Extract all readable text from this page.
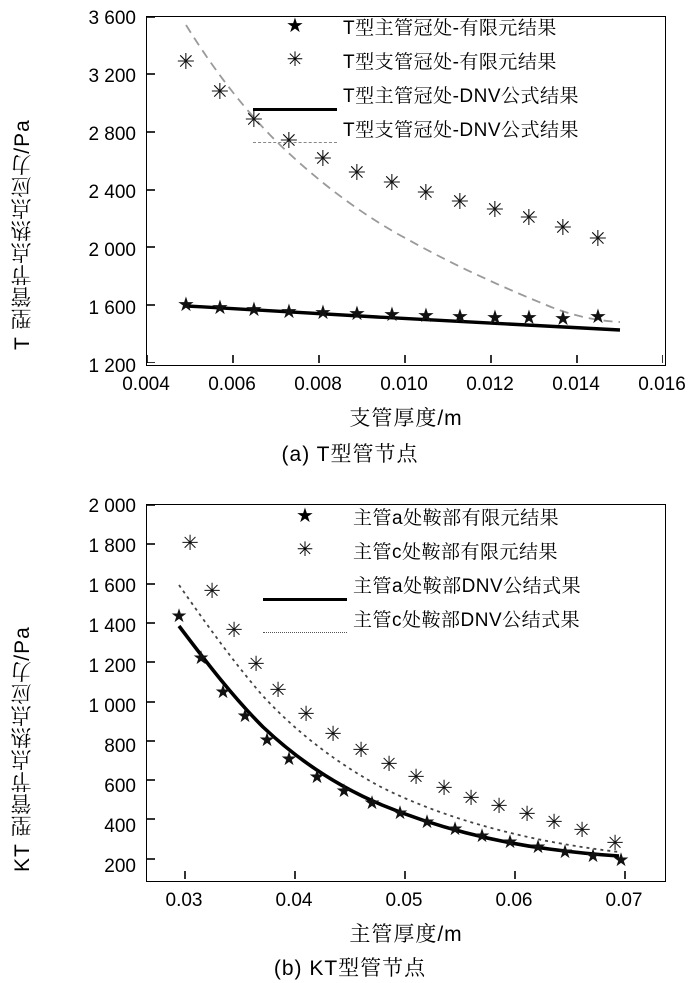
T 型管节点热点应力/Pa
3 600
3 200
2 800
2 400
2 000
1 600
1 200
✳
✳
✳
✳
✳
✳ ✳ ✳ ✳ ✳ ✳ ✳ ✳
★ ★ ★ ★ ★ ★ ★ ★ ★ ★ ★ ★ ★
★	T型主管冠处-有限元结果
✳	T型支管冠处-有限元结果
T型主管冠处-DNV公式结果
T型支管冠处-DNV公式结果
0.004	0.006	0.008	0.010	0.012	0.014	0.016
支管厚度/m
(a) T型管节点
KT 型管节点热点应力/Pa
2 000
1 800
1 600
1 400
1 200
1 000
800
600
400
200
✳
✳
✳
✳
✳
✳
✳
✳
✳
✳ ✳ ✳ ✳ ✳ ✳ ✳
✳
★
★
★
★
★
★
★
★
★ ★ ★ ★ ★ ★ ★ ★ ★ ★
★	主管a处鞍部有限元结果
✳	主管c处鞍部有限元结果
主管a处鞍部DNV公结式果
主管c处鞍部DNV公结式果
0.03	0.04	0.05	0.06	0.07
主管厚度/m
(b) KT型管节点
